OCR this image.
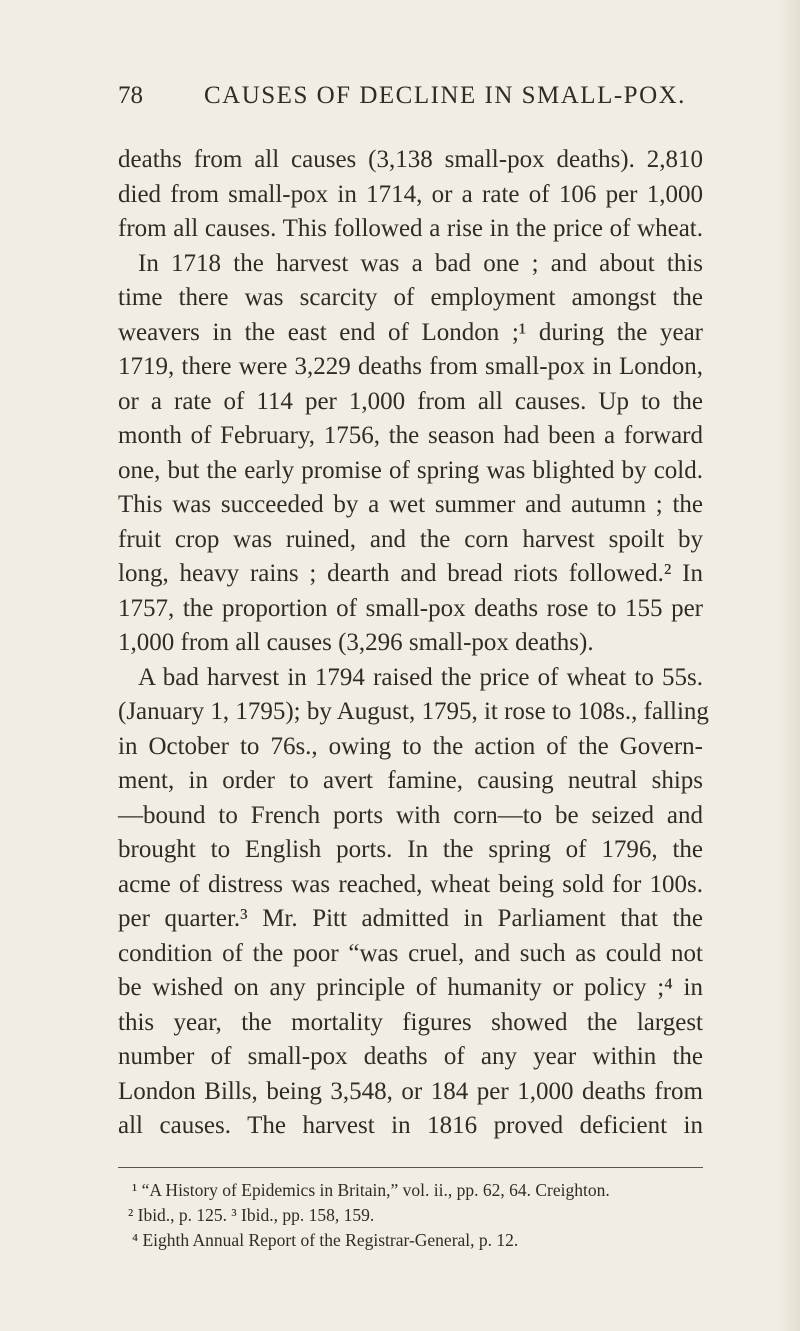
78 CAUSES OF DECLINE IN SMALL-POX.
deaths from all causes (3,138 small-pox deaths). 2,810
died from small-pox in 1714, or a rate of 106 per 1,000
from all causes. This followed a rise in the price of wheat.
In 1718 the harvest was a bad one ; and about this
time there was scarcity of employment amongst the
weavers in the east end of London ;¹ during the year
1719, there were 3,229 deaths from small-pox in London,
or a rate of 114 per 1,000 from all causes. Up to the
month of February, 1756, the season had been a forward
one, but the early promise of spring was blighted by cold.
This was succeeded by a wet summer and autumn ; the
fruit crop was ruined, and the corn harvest spoilt by
long, heavy rains ; dearth and bread riots followed.² In
1757, the proportion of small-pox deaths rose to 155 per
1,000 from all causes (3,296 small-pox deaths).
A bad harvest in 1794 raised the price of wheat to 55s.
(January 1, 1795); by August, 1795, it rose to 108s., falling
in October to 76s., owing to the action of the Govern-
ment, in order to avert famine, causing neutral ships
—bound to French ports with corn—to be seized and
brought to English ports. In the spring of 1796, the
acme of distress was reached, wheat being sold for 100s.
per quarter.³ Mr. Pitt admitted in Parliament that the
condition of the poor “was cruel, and such as could not
be wished on any principle of humanity or policy ;⁴ in
this year, the mortality figures showed the largest
number of small-pox deaths of any year within the
London Bills, being 3,548, or 184 per 1,000 deaths from
all causes. The harvest in 1816 proved deficient in
¹ “A History of Epidemics in Britain,” vol. ii., pp. 62, 64. Creighton.
² Ibid., p. 125. ³ Ibid., pp. 158, 159.
⁴ Eighth Annual Report of the Registrar-General, p. 12.
